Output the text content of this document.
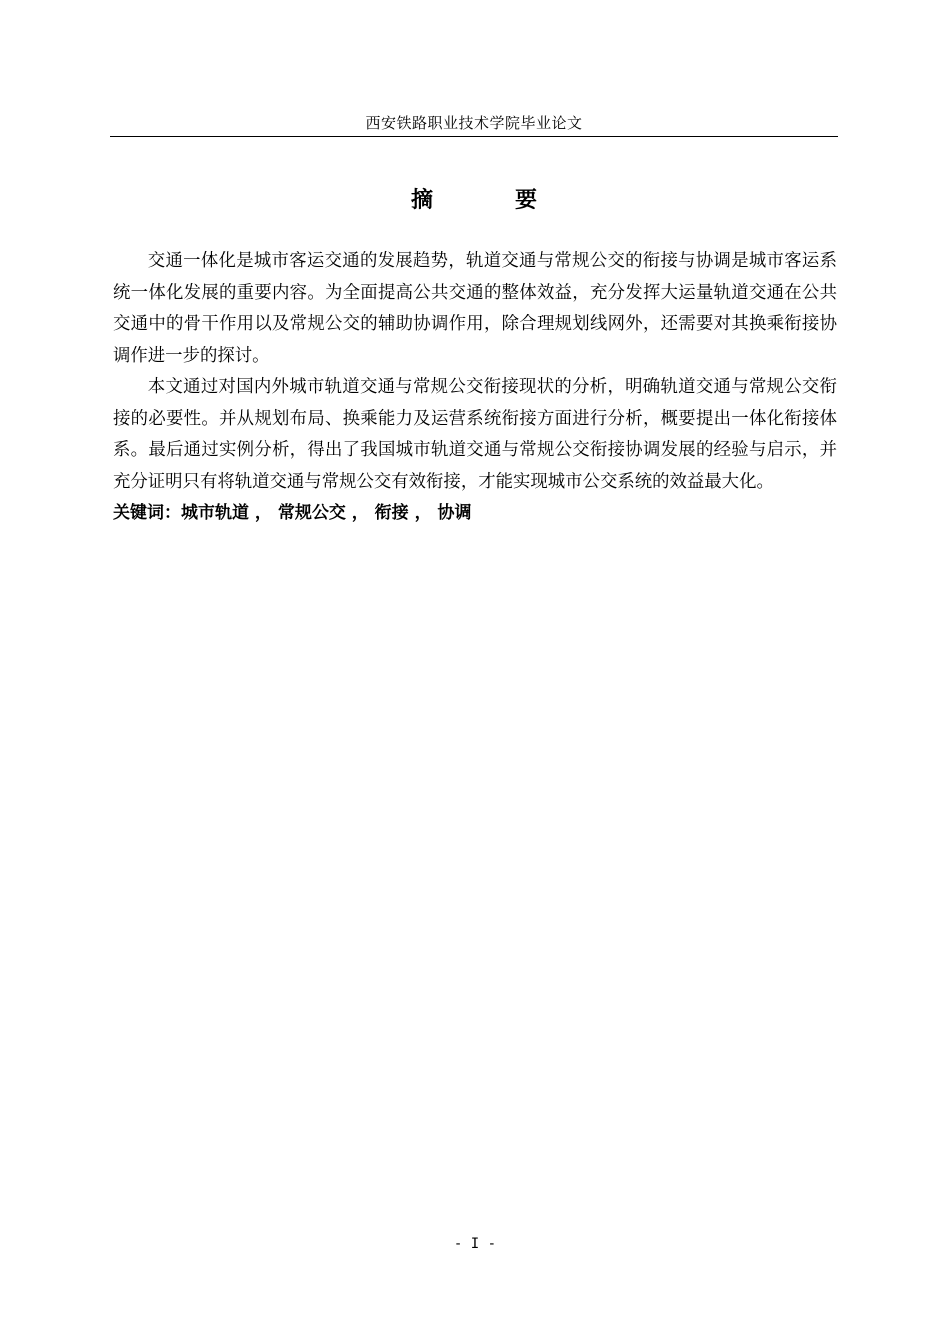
西安铁路职业技术学院毕业论文
摘	要

交通一体化是城市客运交通的发展趋势，轨道交通与常规公交的衔接与协调是城市客运系统一体化发展的重要内容。为全面提高公共交通的整体效益，充分发挥大运量轨道交通在公共交通中的骨干作用以及常规公交的辅助协调作用，除合理规划线网外，还需要对其换乘衔接协调作进一步的探讨。

本文通过对国内外城市轨道交通与常规公交衔接现状的分析，明确轨道交通与常规公交衔接的必要性。并从规划布局、换乘能力及运营系统衔接方面进行分析，概要提出一体化衔接体系。最后通过实例分析，得出了我国城市轨道交通与常规公交衔接协调发展的经验与启示，并充分证明只有将轨道交通与常规公交有效衔接，才能实现城市公交系统的效益最大化。

关键词：城市轨道 ， 常规公交 ， 衔接 ， 协调
- I -
